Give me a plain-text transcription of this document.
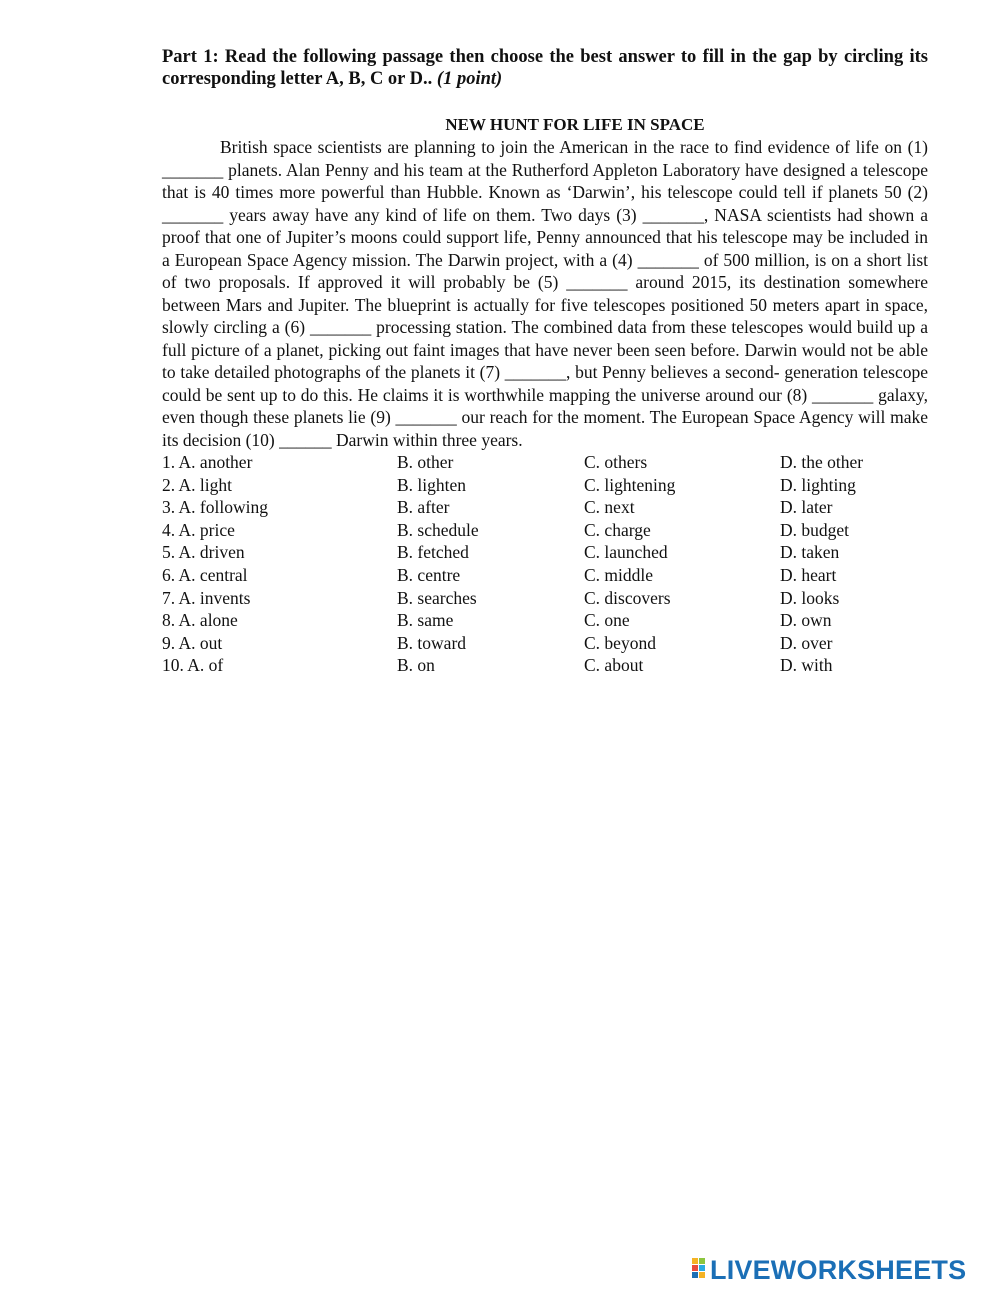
Part 1: Read the following passage then choose the best answer to fill in the gap by circling its corresponding letter A, B, C or D.. (1 point)

NEW HUNT FOR LIFE IN SPACE

British space scientists are planning to join the American in the race to find evidence of life on (1) _______ planets. Alan Penny and his team at the Rutherford Appleton Laboratory have designed a telescope that is 40 times more powerful than Hubble. Known as ‘Darwin’, his telescope could tell if planets 50 (2) _______ years away have any kind of life on them. Two days (3) _______, NASA scientists had shown a proof that one of Jupiter’s moons could support life, Penny announced that his telescope may be included in a European Space Agency mission. The Darwin project, with a (4) _______ of 500 million, is on a short list of two proposals. If approved it will probably be (5) _______ around 2015, its destination somewhere between Mars and Jupiter. The blueprint is actually for five telescopes positioned 50 meters apart in space, slowly circling a (6) _______ processing station. The combined data from these telescopes would build up a full picture of a planet, picking out faint images that have never been seen before. Darwin would not be able to take detailed photographs of the planets it (7) _______, but Penny believes a second- generation telescope could be sent up to do this. He claims it is worthwhile mapping the universe around our (8) _______ galaxy, even though these planets lie (9) _______ our reach for the moment. The European Space Agency will make its decision (10) ______ Darwin within three years.

1. A. another	B. other	C. others	D. the other
2. A. light	B. lighten	C. lightening	D. lighting
3. A. following	B. after	C. next	D. later
4. A. price	B. schedule	C. charge	D. budget
5. A. driven	B. fetched	C. launched	D. taken
6. A. central	B. centre	C. middle	D. heart
7. A. invents	B. searches	C. discovers	D. looks
8. A. alone	B. same	C. one	D. own
9. A. out	B. toward	C. beyond	D. over
10. A. of	B. on	C. about	D. with
LIVEWORKSHEETS
